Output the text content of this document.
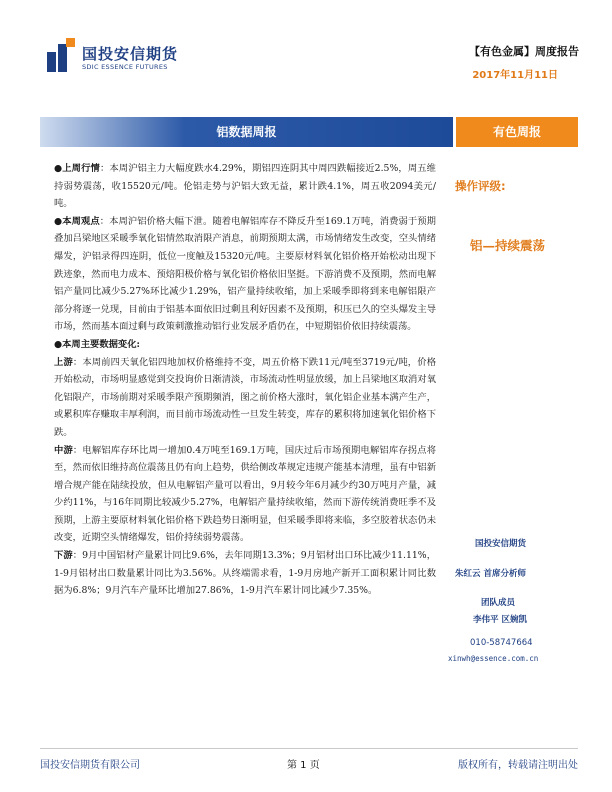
国投安信期货
SDIC ESSENCE FUTURES
【有色金属】周度报告
2017年11月11日
铝数据周报	有色周报

●上周行情：本周沪铝主力大幅度跌水4.29%，期铝四连阴其中周四跌幅接近2.5%，周五维持弱势震荡，收15520元/吨。伦铝走势与沪铝大致无益，累计跌4.1%，周五收2094美元/吨。

●本周观点：本周沪铝价格大幅下泄。随着电解铝库存不降反升至169.1万吨，消费弱于预期叠加吕梁地区采暖季氧化铝情然取消限产消息，前期预期太满，市场情绪发生改变，空头情绪爆发，沪铝录得四连阴，低位一度触及15320元/吨。主要原材料氧化铝价格开始松动出现下跌迹象，然而电力成本、预焙阳极价格与氧化铝价格依旧坚挺。下游消费不及预期，然而电解铝产量同比减少5.27%环比减少1.29%，铝产量持续收缩，加上采暖季即将到来电解铝限产部分将逐一兑现，目前由于铝基本面依旧过剩且利好因素不及预期，积压已久的空头爆发主导市场，然而基本面过剩与政策刺激推动铝行业发展矛盾仍在，中短期铝价依旧持续震荡。

●本周主要数据变化:

上游：本周前四天氧化铝四地加权价格维持不变，周五价格下跌11元/吨至3719元/吨，价格开始松动，市场明显感觉到交投询价日渐清淡，市场流动性明显放缓，加上吕梁地区取消对氧化铝限产，市场前期对采暖季限产预期频消，图之前价格大涨时，氧化铝企业基本满产生产，或累积库存赚取丰厚利润，而目前市场流动性一旦发生转变，库存的累积将加速氧化铝价格下跌。

中游：电解铝库存环比周一增加0.4万吨至169.1万吨，国庆过后市场预期电解铝库存拐点将至，然而依旧维持高位震荡且仍有向上趋势，供给侧改革规定违规产能基本清理，虽有中铝新增合规产能在陆续投放，但从电解铝产量可以看出，9月较今年6月减少约30万吨月产量，减少约11%，与16年同期比较减少5.27%，电解铝产量持续收缩，然而下游传统消费旺季不及预期，上游主要原材料氧化铝价格下跌趋势日渐明显，但采暖季即将来临，多空胶着状态仍未改变，近期空头情绪爆发，铝价持续弱势震荡。

下游：9月中国铝材产量累计同比9.6%，去年同期13.3%；9月铝材出口环比减少11.11%，1-9月铝材出口数量累计同比为3.56%。从终端需求看，1-9月房地产新开工面积累计同比数据为6.8%；9月汽车产量环比增加27.86%，1-9月汽车累计同比减少7.35%。

操作评级:
铝—持续震荡
国投安信期货
朱红云 首席分析师
团队成员
李伟平 区婉凯
010-58747664
xinwh@essence.com.cn
国投安信期货有限公司	第 1 页	版权所有，转载请注明出处
